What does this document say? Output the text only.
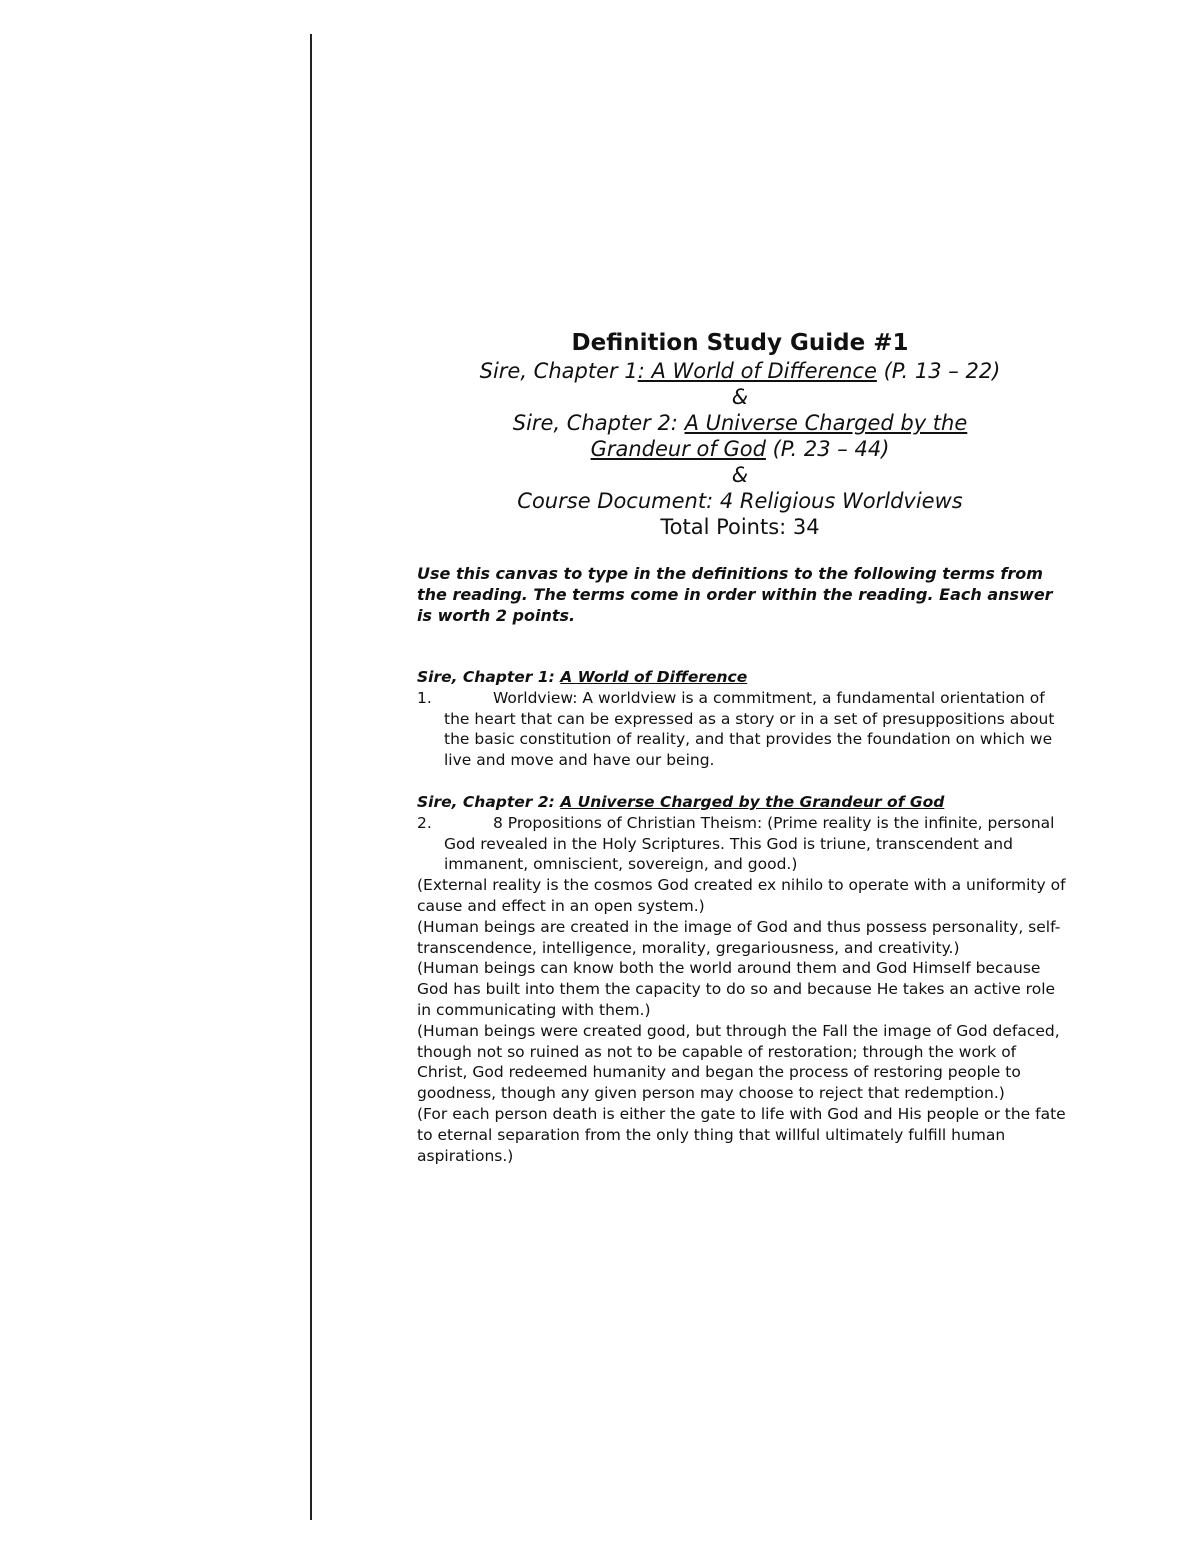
Definition Study Guide #1
Sire, Chapter 1: A World of Difference (P. 13 – 22)
&
Sire, Chapter 2: A Universe Charged by the
Grandeur of God (P. 23 – 44)
&
Course Document: 4 Religious Worldviews
Total Points: 34
Use this canvas to type in the definitions to the following terms from the reading. The terms come in order within the reading. Each answer is worth 2 points.
Sire, Chapter 1: A World of Difference
1.	Worldview: A worldview is a commitment, a fundamental orientation of the heart that can be expressed as a story or in a set of presuppositions about the basic constitution of reality, and that provides the foundation on which we live and move and have our being.
Sire, Chapter 2: A Universe Charged by the Grandeur of God
2.	8 Propositions of Christian Theism: (Prime reality is the infinite, personal God revealed in the Holy Scriptures. This God is triune, transcendent and immanent, omniscient, sovereign, and good.)

(External reality is the cosmos God created ex nihilo to operate with a uniformity of cause and effect in an open system.)

(Human beings are created in the image of God and thus possess personality, self-transcendence, intelligence, morality, gregariousness, and creativity.)

(Human beings can know both the world around them and God Himself because God has built into them the capacity to do so and because He takes an active role in communicating with them.)

(Human beings were created good, but through the Fall the image of God defaced, though not so ruined as not to be capable of restoration; through the work of Christ, God redeemed humanity and began the process of restoring people to goodness, though any given person may choose to reject that redemption.)

(For each person death is either the gate to life with God and His people or the fate to eternal separation from the only thing that willful ultimately fulfill human aspirations.)
